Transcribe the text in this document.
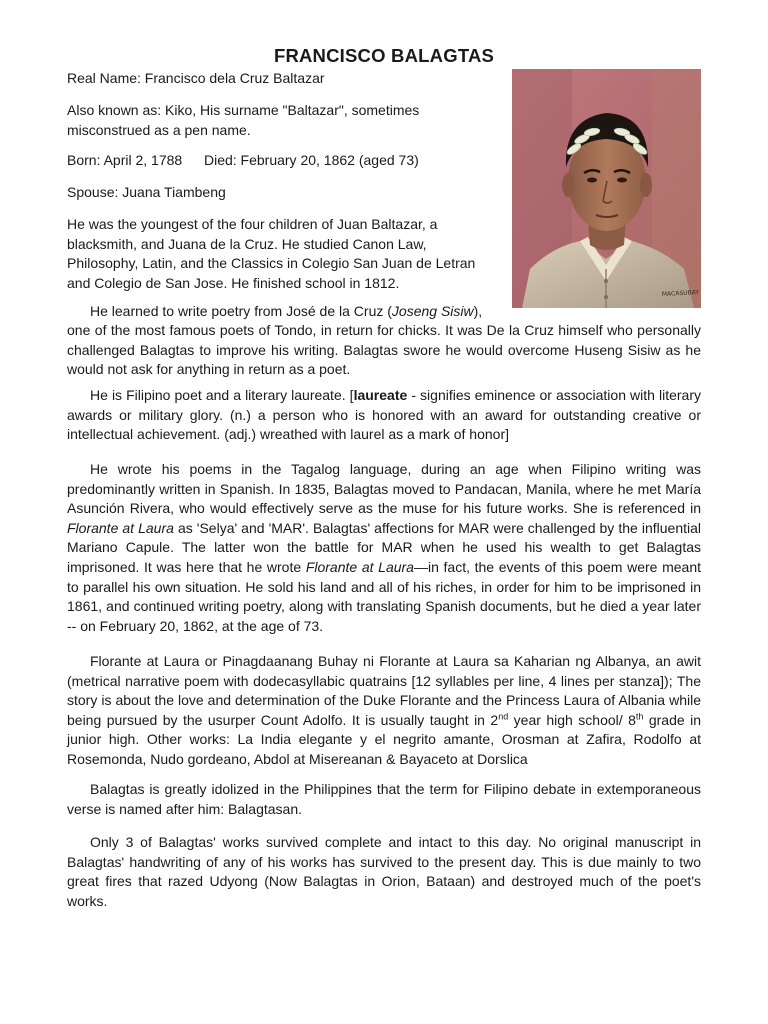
FRANCISCO BALAGTAS

Real Name: Francisco dela Cruz Baltazar

Also known as: Kiko, His surname "Baltazar", sometimes

misconstrued as a pen name.

Born: April 2, 1788 Died: February 20, 1862 (aged 73)

Spouse: Juana Tiambeng

He was the youngest of the four children of Juan Baltazar, a

blacksmith, and Juana de la Cruz. He studied Canon Law,

Philosophy, Latin, and the Classics in Colegio San Juan de Letran

and Colegio de San Jose. He finished school in 1812.

MACASUBAY

He learned to write poetry from José de la Cruz (Joseng Sisiw),

one of the most famous poets of Tondo, in return for chicks. It was De la Cruz himself who personally challenged Balagtas to improve his writing. Balagtas swore he would overcome Huseng Sisiw as he would not ask for anything in return as a poet.

He is Filipino poet and a literary laureate. [laureate - signifies eminence or association with literary awards or military glory. (n.) a person who is honored with an award for outstanding creative or intellectual achievement. (adj.) wreathed with laurel as a mark of honor]

He wrote his poems in the Tagalog language, during an age when Filipino writing was predominantly written in Spanish. In 1835, Balagtas moved to Pandacan, Manila, where he met María Asunción Rivera, who would effectively serve as the muse for his future works. She is referenced in Florante at Laura as 'Selya' and 'MAR'. Balagtas' affections for MAR were challenged by the influential Mariano Capule. The latter won the battle for MAR when he used his wealth to get Balagtas imprisoned. It was here that he wrote Florante at Laura—in fact, the events of this poem were meant to parallel his own situation. He sold his land and all of his riches, in order for him to be imprisoned in 1861, and continued writing poetry, along with translating Spanish documents, but he died a year later -- on February 20, 1862, at the age of 73.

Florante at Laura or Pinagdaanang Buhay ni Florante at Laura sa Kaharian ng Albanya, an awit (metrical narrative poem with dodecasyllabic quatrains [12 syllables per line, 4 lines per stanza]); The story is about the love and determination of the Duke Florante and the Princess Laura of Albania while being pursued by the usurper Count Adolfo. It is usually taught in 2nd year high school/ 8th grade in junior high. Other works: La India elegante y el negrito amante, Orosman at Zafira, Rodolfo at Rosemonda, Nudo gordeano, Abdol at Misereanan & Bayaceto at Dorslica

Balagtas is greatly idolized in the Philippines that the term for Filipino debate in extemporaneous verse is named after him: Balagtasan.

Only 3 of Balagtas' works survived complete and intact to this day. No original manuscript in Balagtas' handwriting of any of his works has survived to the present day. This is due mainly to two great fires that razed Udyong (Now Balagtas in Orion, Bataan) and destroyed much of the poet's works.
